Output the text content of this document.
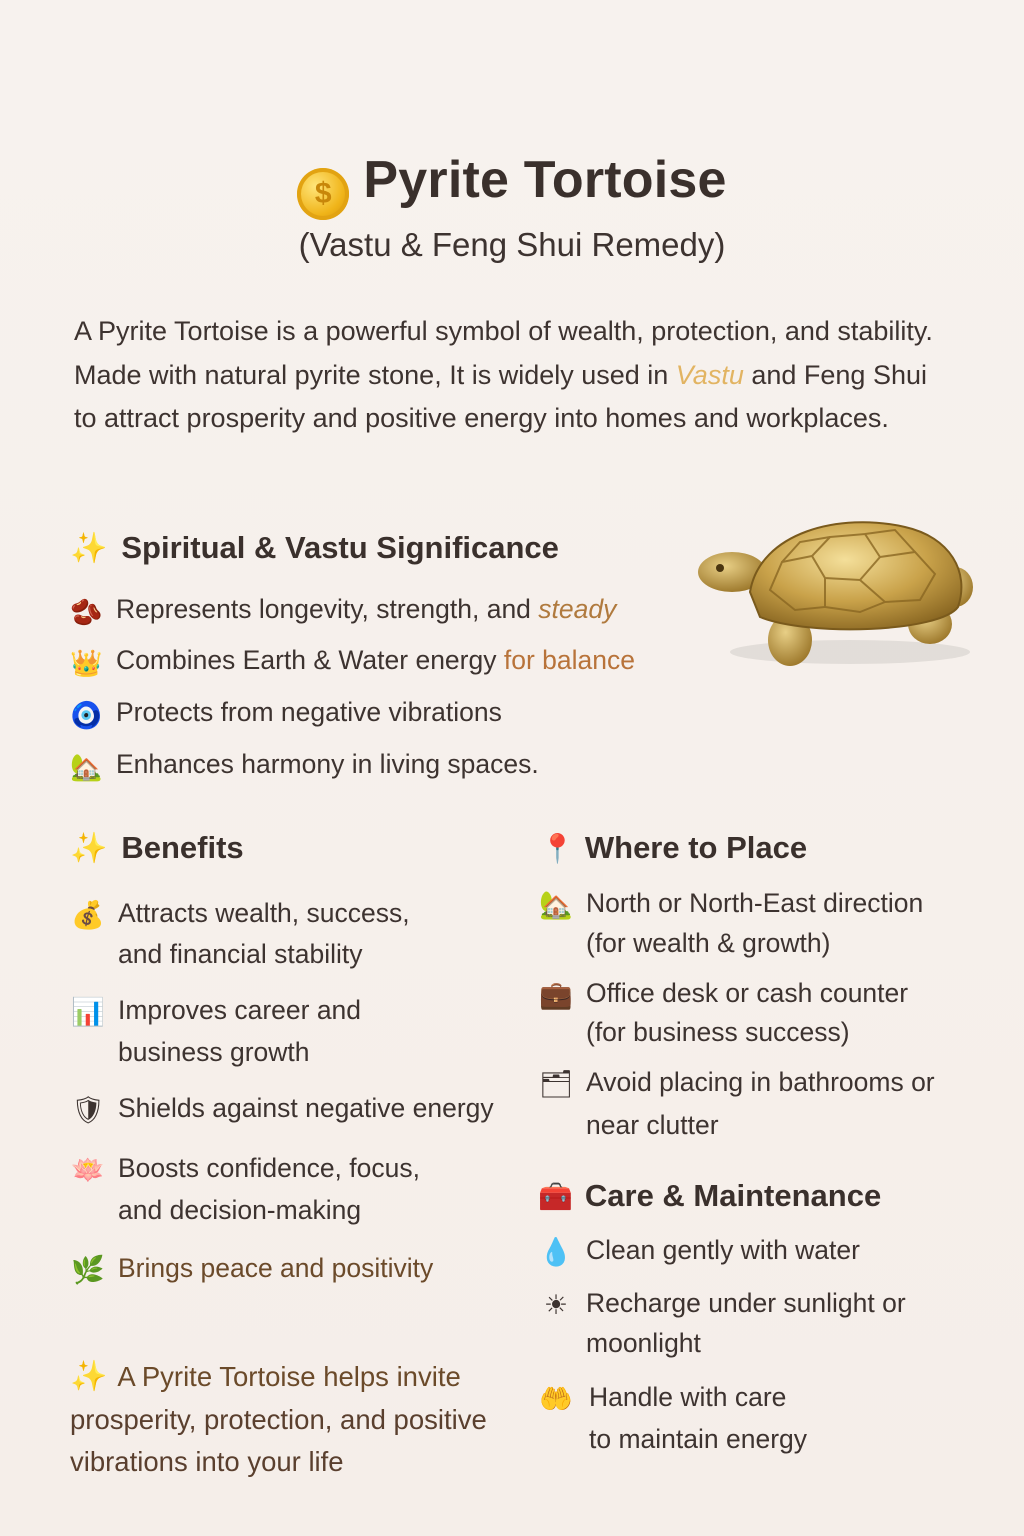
$ Pyrite Tortoise
(Vastu & Feng Shui Remedy)
A Pyrite Tortoise is a powerful symbol of wealth, protection, and stability. Made with natural pyrite stone, It is widely used in Vastu and Feng Shui to attract prosperity and positive energy into homes and workplaces.
✨ Spiritual & Vastu Significance
🫘 Represents longevity, strength, and steady
👑 Combines Earth & Water energy for balance
🧿 Protects from negative vibrations
🏡 Enhances harmony in living spaces.
✨ Benefits
💰 Attracts wealth, success,
and financial stability
📊 Improves career and
business growth
🛡 Shields against negative energy
🪷 Boosts confidence, focus,
and decision-making
🌿 Brings peace and positivity
📍 Where to Place
🏡 North or North-East direction
(for wealth & growth)
💼 Office desk or cash counter
(for business success)
🗂 Avoid placing in bathrooms or
near clutter
🧰 Care & Maintenance
💧 Clean gently with water
☀ Recharge under sunlight or
moonlight
🤲 Handle with care
to maintain energy
✨ A Pyrite Tortoise helps invite prosperity, protection, and positive vibrations into your life
